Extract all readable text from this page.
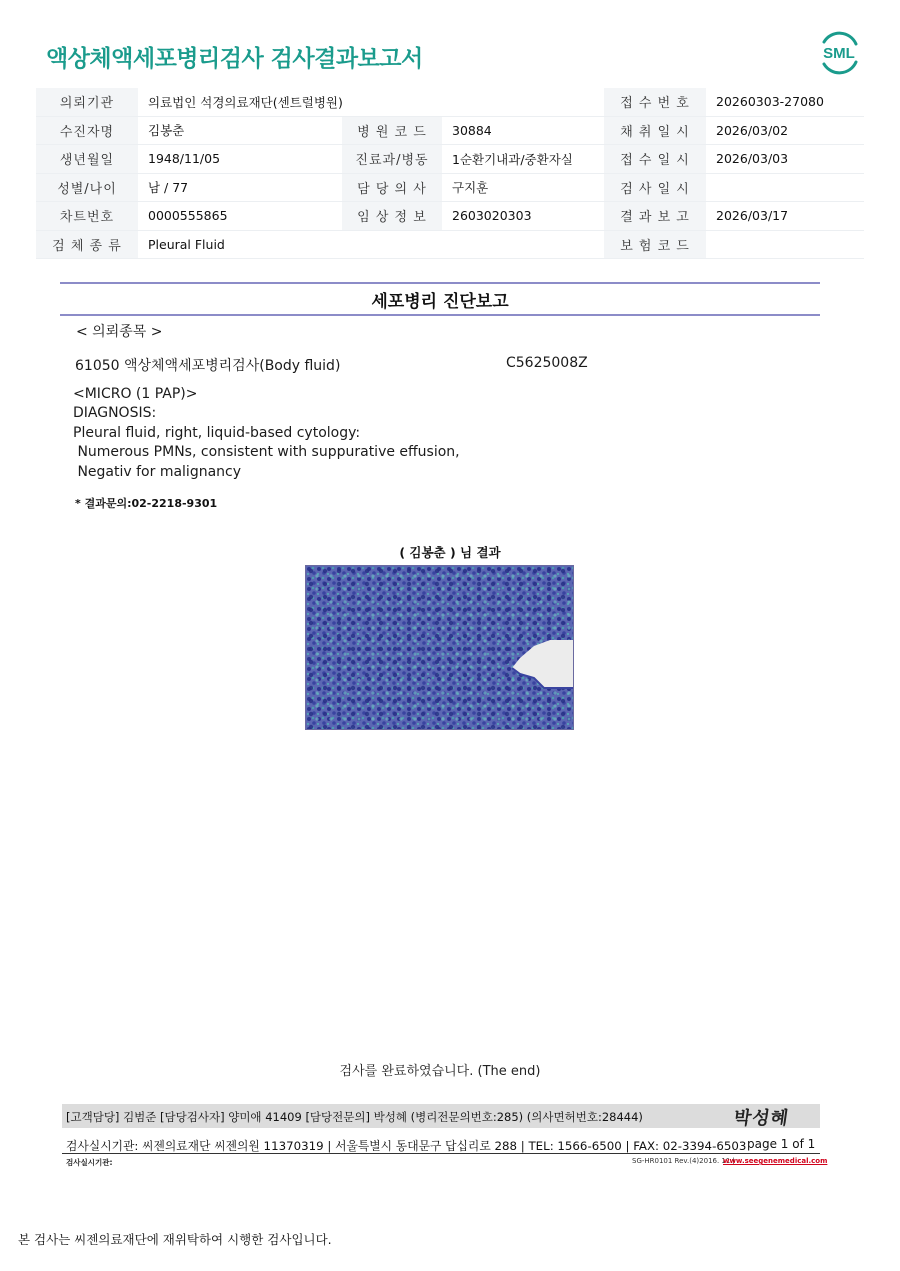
액상체액세포병리검사 검사결과보고서	SML
의뢰기관	의료법인 석경의료재단(센트럴병원)			접 수 번 호	20260303-27080
수진자명	김봉춘	병 원 코 드	30884	채 취 일 시	2026/03/02
생년월일	1948/11/05	진료과/병동	1순환기내과/중환자실	접 수 일 시	2026/03/03
성별/나이	남 / 77	담 당 의 사	구지훈	검 사 일 시	
차트번호	0000555865	임 상 정 보	2603020303	결 과 보 고	2026/03/17
검 체 종 류	Pleural Fluid			보 험 코 드	
세포병리 진단보고
< 의뢰종목 >
61050 액상체액세포병리검사(Body fluid)	C5625008Z
<MICRO (1 PAP)>
DIAGNOSIS:
Pleural fluid, right, liquid-based cytology:
Numerous PMNs, consistent with suppurative effusion,
Negativ for malignancy
* 결과문의:02-2218-9301
( 김봉춘 ) 님 결과
검사를 완료하였습니다. (The end)
[고객담당] 김범준 [담당검사자] 양미애 41409 [담당전문의] 박성혜 (병리전문의번호:285) (의사면허번호:28444)	박성혜
검사실시기관: 씨젠의료재단 씨젠의원 11370319 | 서울특별시 동대문구 답십리로 288 | TEL: 1566-6500 | FAX: 02-3394-6503 page 1 of 1
검사실시기관:	SG-HR0101 Rev.(4)2016. 11 |
www.seegenemedical.com
본 검사는 씨젠의료재단에 재위탁하여 시행한 검사입니다.
